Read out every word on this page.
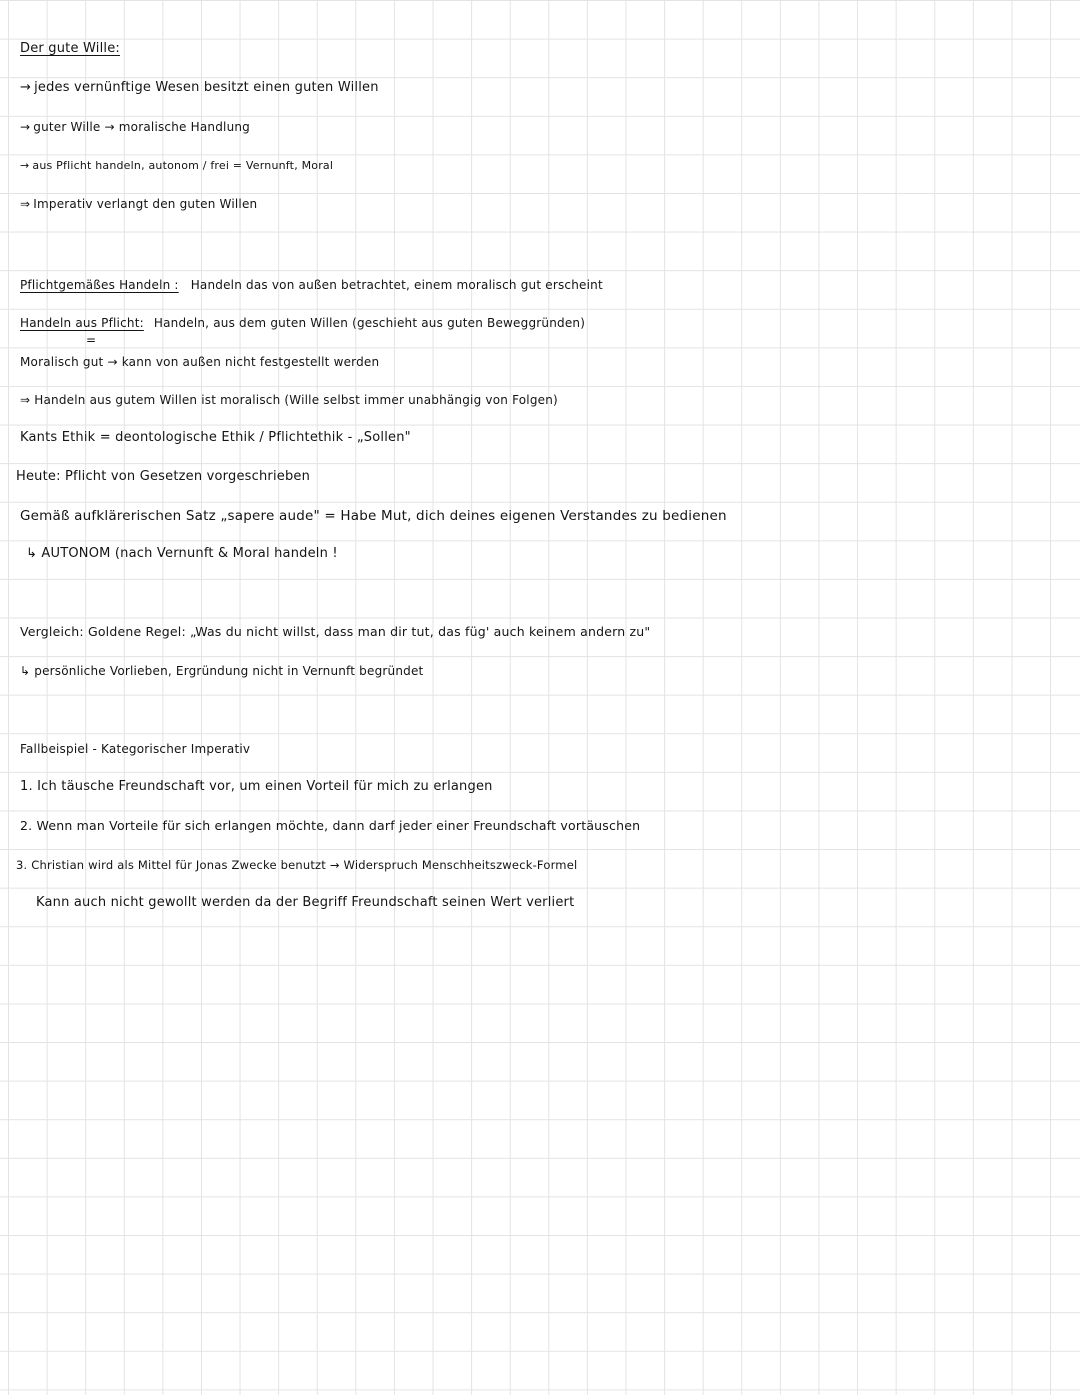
Der gute Wille:
→ jedes vernünftige Wesen besitzt einen guten Willen
→ guter Wille → moralische Handlung
→ aus Pflicht handeln, autonom / frei = Vernunft, Moral
⇒ Imperativ verlangt den guten Willen
Pflichtgemäßes Handeln : Handeln das von außen betrachtet, einem moralisch gut erscheint
Handeln aus Pflicht: Handeln, aus dem guten Willen (geschieht aus guten Beweggründen)
=
Moralisch gut → kann von außen nicht festgestellt werden
⇒ Handeln aus gutem Willen ist moralisch (Wille selbst immer unabhängig von Folgen)
Kants Ethik = deontologische Ethik / Pflichtethik - „Sollen"
Heute: Pflicht von Gesetzen vorgeschrieben
Gemäß aufklärerischen Satz „sapere aude" = Habe Mut, dich deines eigenen Verstandes zu bedienen
↳ AUTONOM (nach Vernunft & Moral handeln !
Vergleich: Goldene Regel: „Was du nicht willst, dass man dir tut, das füg' auch keinem andern zu"
↳ persönliche Vorlieben, Ergründung nicht in Vernunft begründet
Fallbeispiel - Kategorischer Imperativ
1. Ich täusche Freundschaft vor, um einen Vorteil für mich zu erlangen
2. Wenn man Vorteile für sich erlangen möchte, dann darf jeder einer Freundschaft vortäuschen
3. Christian wird als Mittel für Jonas Zwecke benutzt → Widerspruch Menschheitszweck-Formel
Kann auch nicht gewollt werden da der Begriff Freundschaft seinen Wert verliert
